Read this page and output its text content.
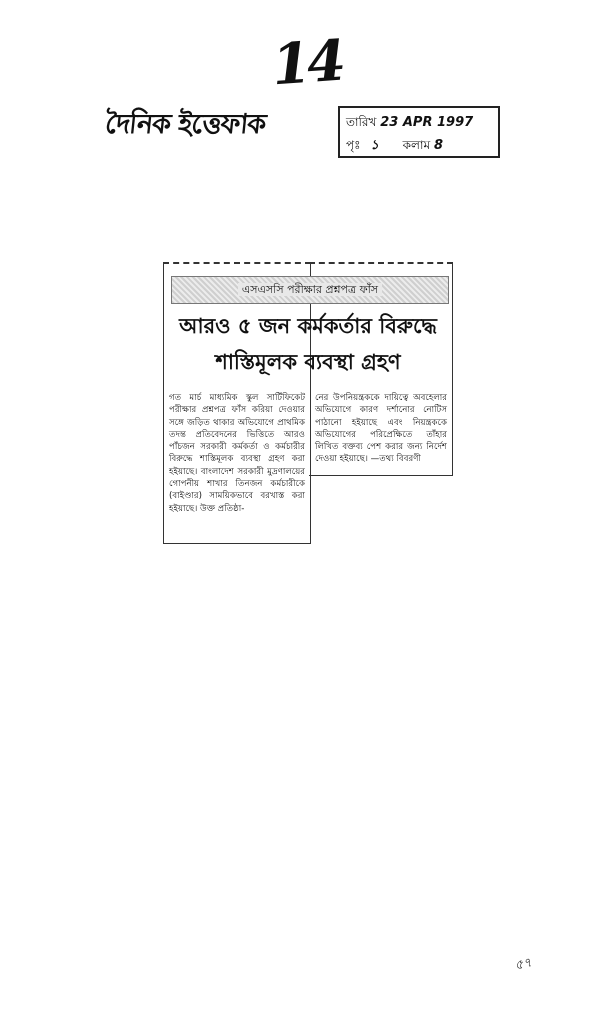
14
দৈনিক ইত্তেফাক	তারিখ 23 APR 1997
পৃঃ ১ কলাম 8
এসএসসি পরীক্ষার প্রশ্নপত্র ফাঁস
আরও ৫ জন কর্মকর্তার বিরুদ্ধে
শাস্তিমূলক ব্যবস্থা গ্রহণ
গত মার্চ মাধ্যমিক স্কুল সার্টিফিকেট পরীক্ষার প্রশ্নপত্র ফাঁস করিয়া দেওয়ার সঙ্গে জড়িত থাকার অভিযোগে প্রাথমিক তদন্ত প্রতিবেদনের ভিত্তিতে আরও পাঁচজন সরকারী কর্মকর্তা ও কর্মচারীর বিরুদ্ধে শাস্তিমূলক ব্যবস্থা গ্রহণ করা হইয়াছে। বাংলাদেশ সরকারী মুদ্রণালয়ের গোপনীয় শাখার তিনজন কর্মচারীকে (বাইণ্ডার) সাময়িকভাবে বরখাস্ত করা হইয়াছে। উক্ত প্রতিষ্ঠা-
নের উপনিয়ন্ত্রককে দায়িত্বে অবহেলার অভিযোগে কারণ দর্শানোর নোটিস পাঠানো হইয়াছে এবং নিয়ন্ত্রককে অভিযোগের পরিপ্রেক্ষিতে তাঁহার লিখিত বক্তব্য পেশ করার জন্য নির্দেশ দেওয়া হইয়াছে। —তথ্য বিবরণী
৫৭
